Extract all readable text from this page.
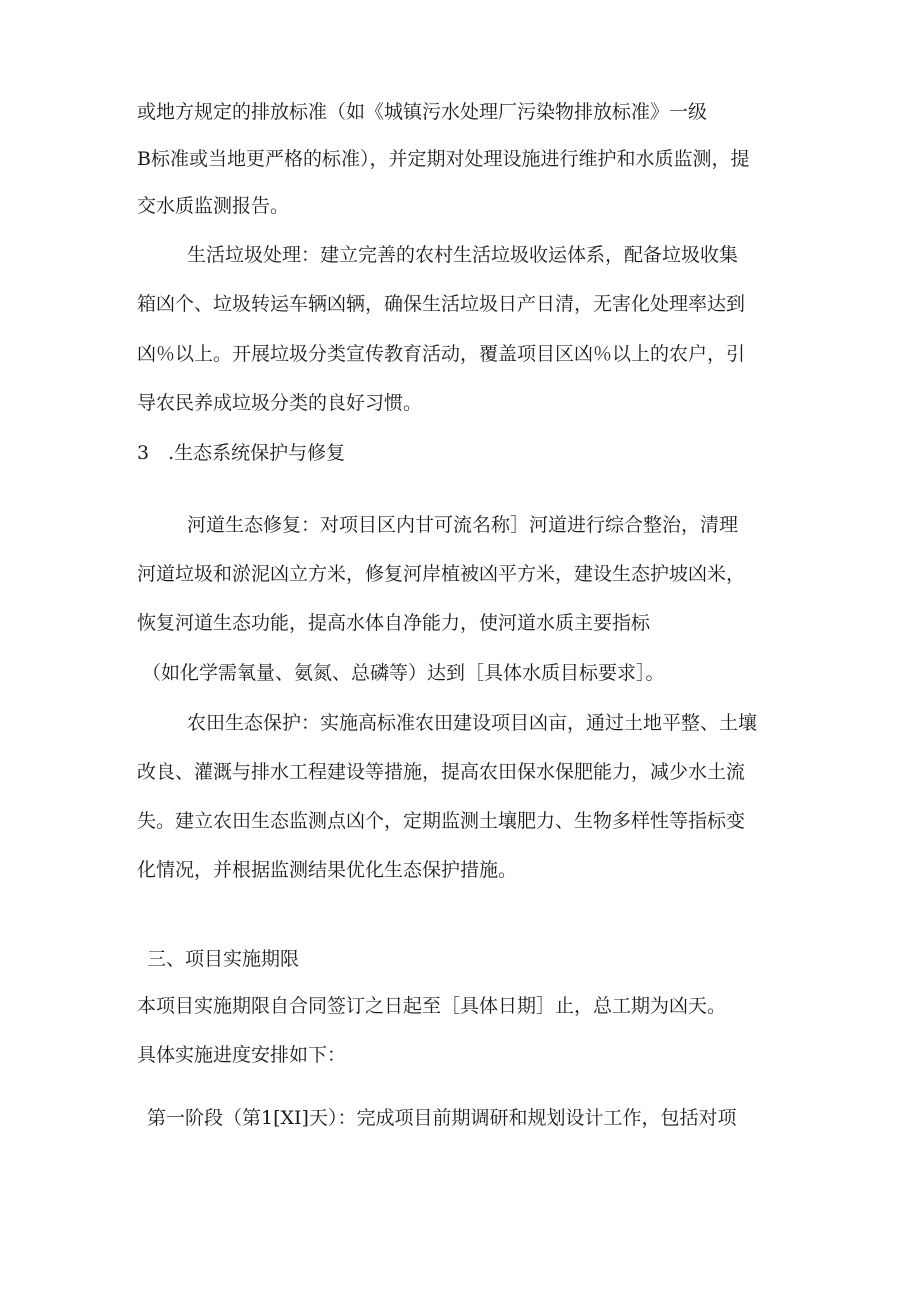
或地方规定的排放标准（如《城镇污水处理厂污染物排放标准》一级
B标准或当地更严格的标准），并定期对处理设施进行维护和水质监测，提
交水质监测报告。
生活垃圾处理：建立完善的农村生活垃圾收运体系，配备垃圾收集
箱凶个、垃圾转运车辆凶辆，确保生活垃圾日产日清，无害化处理率达到
凶％以上。开展垃圾分类宣传教育活动，覆盖项目区凶％以上的农户，引
导农民养成垃圾分类的良好习惯。
3　.生态系统保护与修复
河道生态修复：对项目区内甘可流名称］河道进行综合整治，清理
河道垃圾和淤泥凶立方米，修复河岸植被凶平方米，建设生态护坡凶米，
恢复河道生态功能，提高水体自净能力，使河道水质主要指标
（如化学需氧量、氨氮、总磷等）达到［具体水质目标要求］。
农田生态保护：实施高标准农田建设项目凶亩，通过土地平整、土壤
改良、灌溉与排水工程建设等措施，提高农田保水保肥能力，减少水土流
失。建立农田生态监测点凶个，定期监测土壤肥力、生物多样性等指标变
化情况，并根据监测结果优化生态保护措施。
三、项目实施期限
本项目实施期限自合同签订之日起至［具体日期］止，总工期为凶天。
具体实施进度安排如下：
第一阶段（第1[XI]天）：完成项目前期调研和规划设计工作，包括对项
